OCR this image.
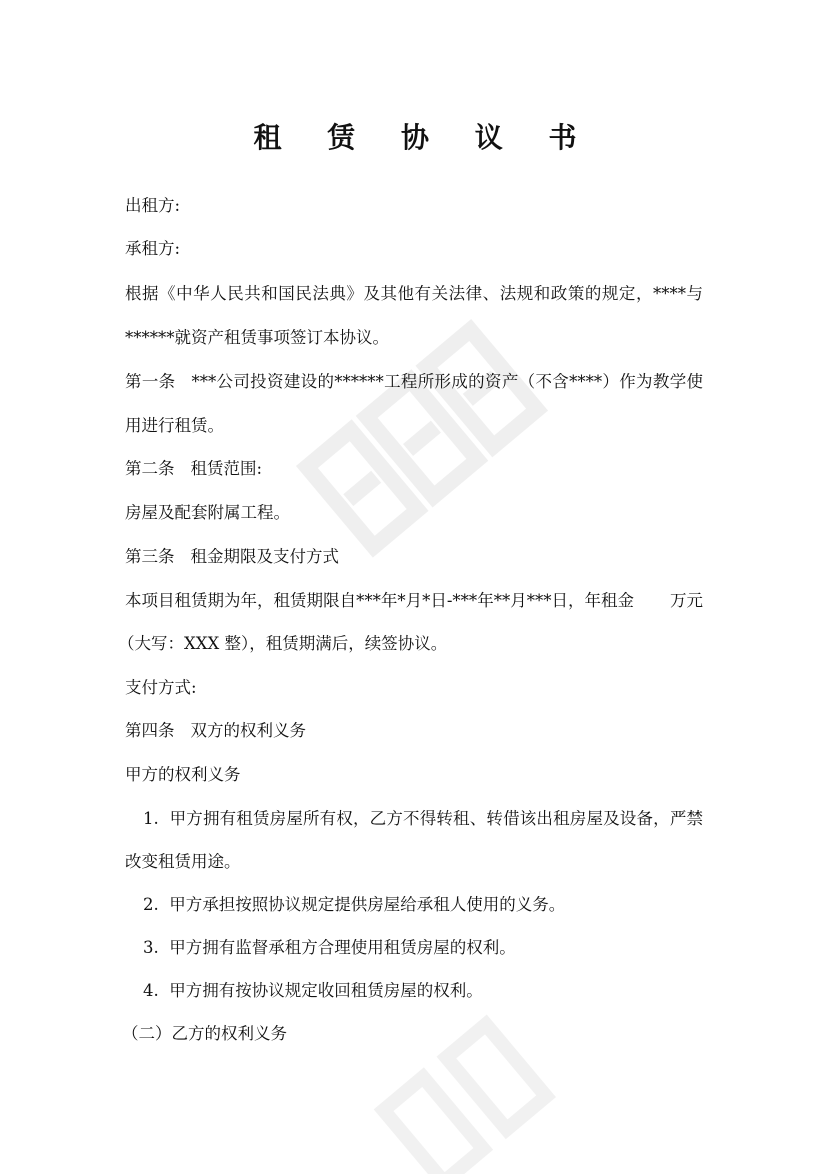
租 赁 协 议 书
出租方:
承租方:
根据《中华人民共和国民法典》及其他有关法律、法规和政策的规定，****与
******就资产租赁事项签订本协议。
第一条 ***公司投资建设的******工程所形成的资产（不含****）作为教学使
用进行租赁。
第二条 租赁范围:
房屋及配套附属工程。
第三条 租金期限及支付方式
本项目租赁期为年，租赁期限自***年*月*日-***年**月***日，年租金 万元
（大写：XXX 整），租赁期满后，续签协议。
支付方式:
第四条 双方的权利义务
甲方的权利义务
1. 甲方拥有租赁房屋所有权，乙方不得转租、转借该出租房屋及设备，严禁
改变租赁用途。
2. 甲方承担按照协议规定提供房屋给承租人使用的义务。
3. 甲方拥有监督承租方合理使用租赁房屋的权利。
4. 甲方拥有按协议规定收回租赁房屋的权利。
（二）乙方的权利义务
